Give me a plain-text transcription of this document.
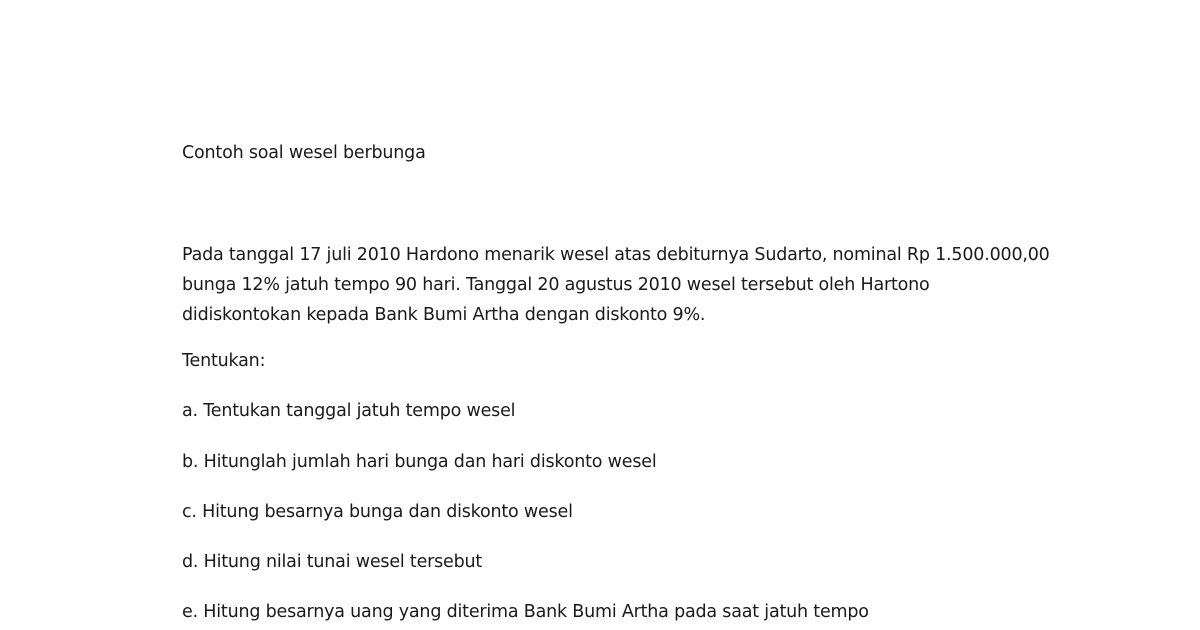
Contoh soal wesel berbunga

Pada tanggal 17 juli 2010 Hardono menarik wesel atas debiturnya Sudarto, nominal Rp 1.500.000,00
bunga 12% jatuh tempo 90 hari. Tanggal 20 agustus 2010 wesel tersebut oleh Hartono
didiskontokan kepada Bank Bumi Artha dengan diskonto 9%.

Tentukan:

a. Tentukan tanggal jatuh tempo wesel
b. Hitunglah jumlah hari bunga dan hari diskonto wesel
c. Hitung besarnya bunga dan diskonto wesel
d. Hitung nilai tunai wesel tersebut
e. Hitung besarnya uang yang diterima Bank Bumi Artha pada saat jatuh tempo
